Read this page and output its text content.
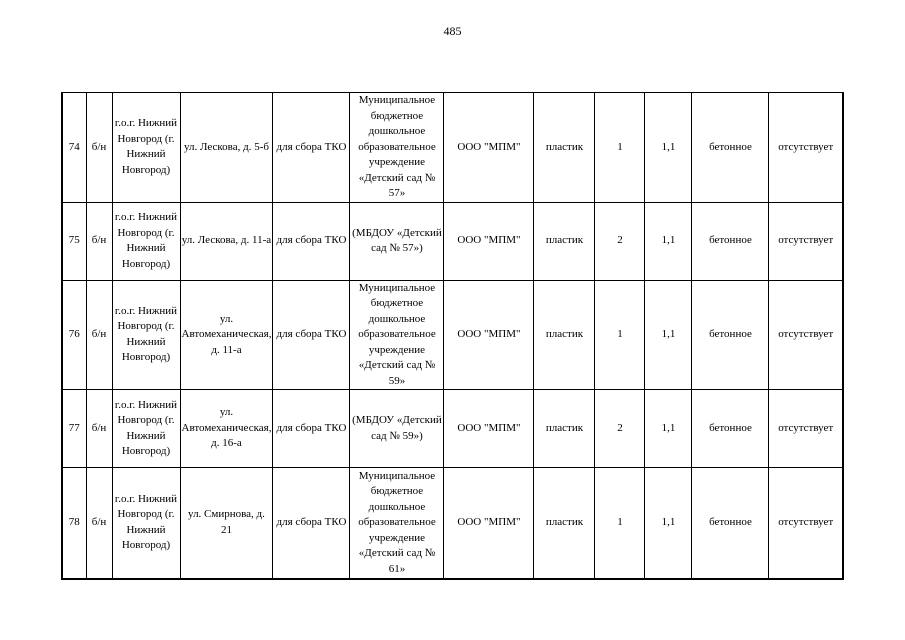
485
74	б/н	г.о.г. Нижний Новгород (г. Нижний Новгород)	ул. Лескова, д. 5-б	для сбора ТКО	Муниципальное бюджетное дошкольное образовательное учреждение «Детский сад № 57»	ООО "МПМ"	пластик	1	1,1	бетонное	отсутствует
75	б/н	г.о.г. Нижний Новгород (г. Нижний Новгород)	ул. Лескова, д. 11-а	для сбора ТКО	(МБДОУ «Детский сад № 57»)	ООО "МПМ"	пластик	2	1,1	бетонное	отсутствует
76	б/н	г.о.г. Нижний Новгород (г. Нижний Новгород)	ул. Автомеханическая, д. 11-а	для сбора ТКО	Муниципальное бюджетное дошкольное образовательное учреждение «Детский сад № 59»	ООО "МПМ"	пластик	1	1,1	бетонное	отсутствует
77	б/н	г.о.г. Нижний Новгород (г. Нижний Новгород)	ул. Автомеханическая, д. 16-а	для сбора ТКО	(МБДОУ «Детский сад № 59»)	ООО "МПМ"	пластик	2	1,1	бетонное	отсутствует
78	б/н	г.о.г. Нижний Новгород (г. Нижний Новгород)	ул. Смирнова, д. 21	для сбора ТКО	Муниципальное бюджетное дошкольное образовательное учреждение «Детский сад № 61»	ООО "МПМ"	пластик	1	1,1	бетонное	отсутствует
